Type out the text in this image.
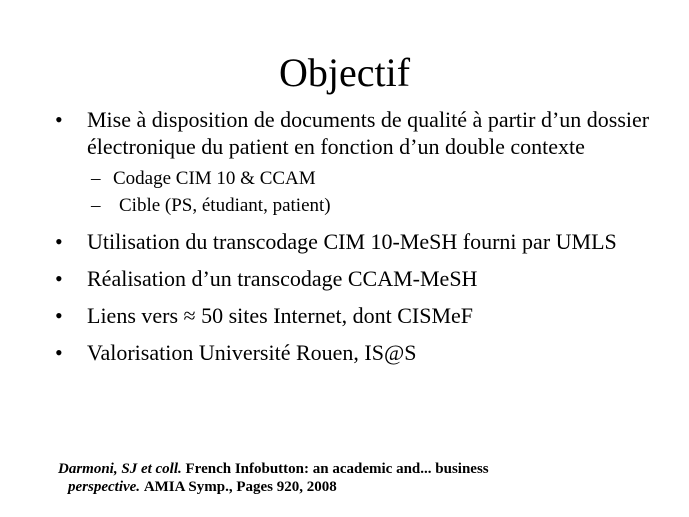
Objectif
•	Mise à disposition de documents de qualité à partir d’un dossier électronique du patient en fonction d’un double contexte
– Codage CIM 10 & CCAM
– Cible (PS, étudiant, patient)
•	Utilisation du transcodage CIM 10-MeSH fourni par UMLS
•	Réalisation d’un transcodage CCAM-MeSH
•	Liens vers ≈ 50 sites Internet, dont CISMeF
•	Valorisation Université Rouen, IS@S
Darmoni, SJ et coll. French Infobutton: an academic and... business
perspective. AMIA Symp., Pages 920, 2008
